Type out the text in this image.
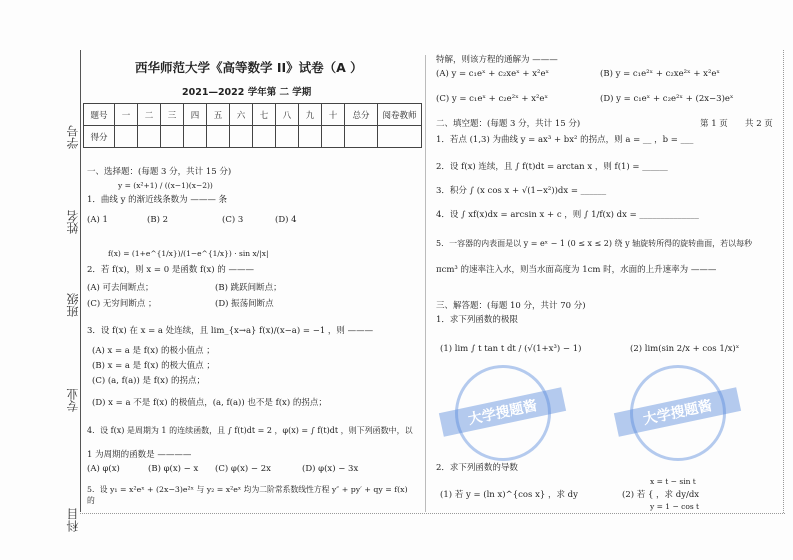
学号
姓名
班级
专业
科目
大学搜题酱	大学搜题酱
西华师范大学《高等数学 II》试卷（A ）
2021—2022 学年第 二 学期
题号	一	二	三	四	五	六	七	八	九	十	总分	阅卷教师
得分												
一、选择题：(每题 3 分，共计 15 分)
y = (x²+1) / ((x−1)(x−2))
1．曲线 y 的渐近线条数为 ——— 条
(A) 1	(B) 2	(C) 3	(D) 4
f(x) = (1+e^{1/x})/(1−e^{1/x}) · sin x/|x|
2．若 f(x)，则 x = 0 是函数 f(x) 的 ———
(A) 可去间断点；	(B) 跳跃间断点；
(C) 无穷间断点 ；	(D) 振荡间断点
3．设 f(x) 在 x = a 处连续，且 lim_{x→a} f(x)/(x−a) = −1 ，则 ———
(A) x = a 是 f(x) 的极小值点 ；
(B) x = a 是 f(x) 的极大值点 ；
(C) (a, f(a)) 是 f(x) 的拐点；
(D) x = a 不是 f(x) 的极值点，(a, f(a)) 也不是 f(x) 的拐点；
4．设 f(x) 是周期为 1 的连续函数，且 ∫ f(t)dt = 2 ，φ(x) = ∫ f(t)dt ，则下列函数中，以
1 为周期的函数是 ————
(A) φ(x)	(B) φ(x) − x (C) φ(x) − 2x	(D) φ(x) − 3x
5．设 y₁ = x²eˣ + (2x−3)e²ˣ 与 y₂ = x²eˣ 均为二阶常系数线性方程 y″ + py′ + qy = f(x) 的
特解，则该方程的通解为 ———
(A) y = c₁eˣ + c₂xeˣ + x²eˣ	(B) y = c₁e²ˣ + c₂xe²ˣ + x²eˣ
(C) y = c₁eˣ + c₂e²ˣ + x²eˣ	(D) y = c₁eˣ + c₂e²ˣ + (2x−3)eˣ
二、填空题：(每题 3 分，共计 15 分)	第 1 页 共 2 页
1．若点 (1,3) 为曲线 y = ax³ + bx² 的拐点，则 a = __ ，b = ___
2．设 f(x) 连续，且 ∫ f(t)dt = arctan x ，则 f(1) = ______
3．积分 ∫ (x cos x + √(1−x²))dx = ______
4．设 ∫ xf(x)dx = arcsin x + c ，则 ∫ 1/f(x) dx = ______________
5．一容器的内表面是以 y = eˣ − 1 (0 ≤ x ≤ 2) 绕 y 轴旋转所得的旋转曲面，若以每秒
πcm³ 的速率注入水，则当水面高度为 1cm 时，水面的上升速率为 ———
三、解答题：(每题 10 分，共计 70 分)
1．求下列函数的极限
(1) lim ∫ t tan t dt / (√(1+x³) − 1)	(2) lim(sin 2/x + cos 1/x)ˣ
2．求下列函数的导数
(1) 若 y = (ln x)^{cos x} ，求 dy
x = t − sin t
y = 1 − cos t
(2) 若 { ，求 dy/dx
